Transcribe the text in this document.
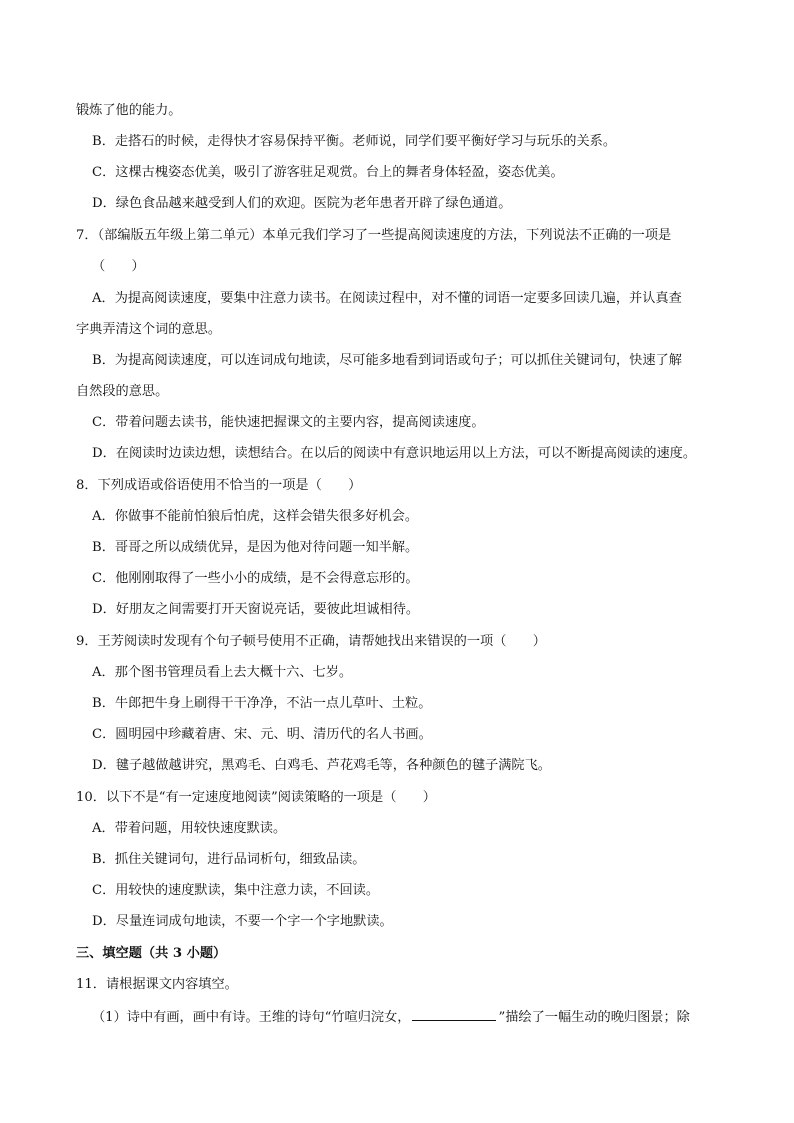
锻炼了他的能力。
B．走搭石的时候，走得快才容易保持平衡。老师说，同学们要平衡好学习与玩乐的关系。
C．这棵古槐姿态优美，吸引了游客驻足观赏。台上的舞者身体轻盈，姿态优美。
D．绿色食品越来越受到人们的欢迎。医院为老年患者开辟了绿色通道。
7．（部编版五年级上第二单元）本单元我们学习了一些提高阅读速度的方法，下列说法不正确的一项是
（　　）
A．为提高阅读速度，要集中注意力读书。在阅读过程中，对不懂的词语一定要多回读几遍，并认真查
字典弄清这个词的意思。
B．为提高阅读速度，可以连词成句地读，尽可能多地看到词语或句子；可以抓住关键词句，快速了解
自然段的意思。
C．带着问题去读书，能快速把握课文的主要内容，提高阅读速度。
D．在阅读时边读边想，读想结合。在以后的阅读中有意识地运用以上方法，可以不断提高阅读的速度。
8．下列成语或俗语使用不恰当的一项是（　　）
A．你做事不能前怕狼后怕虎，这样会错失很多好机会。
B．哥哥之所以成绩优异，是因为他对待问题一知半解。
C．他刚刚取得了一些小小的成绩，是不会得意忘形的。
D．好朋友之间需要打开天窗说亮话，要彼此坦诚相待。
9．王芳阅读时发现有个句子顿号使用不正确，请帮她找出来错误的一项（　　）
A．那个图书管理员看上去大概十六、七岁。
B．牛郎把牛身上刷得干干净净，不沾一点儿草叶、土粒。
C．圆明园中珍藏着唐、宋、元、明、清历代的名人书画。
D．毽子越做越讲究，黑鸡毛、白鸡毛、芦花鸡毛等，各种颜色的毽子满院飞。
10．以下不是“有一定速度地阅读”阅读策略的一项是（　　）
A．带着问题，用较快速度默读。
B．抓住关键词句，进行品词析句，细致品读。
C．用较快的速度默读，集中注意力读，不回读。
D．尽量连词成句地读，不要一个字一个字地默读。
三、填空题（共 3 小题）
11．请根据课文内容填空。
（1）诗中有画，画中有诗。王维的诗句“竹喧归浣女，	”描绘了一幅生动的晚归图景；除
